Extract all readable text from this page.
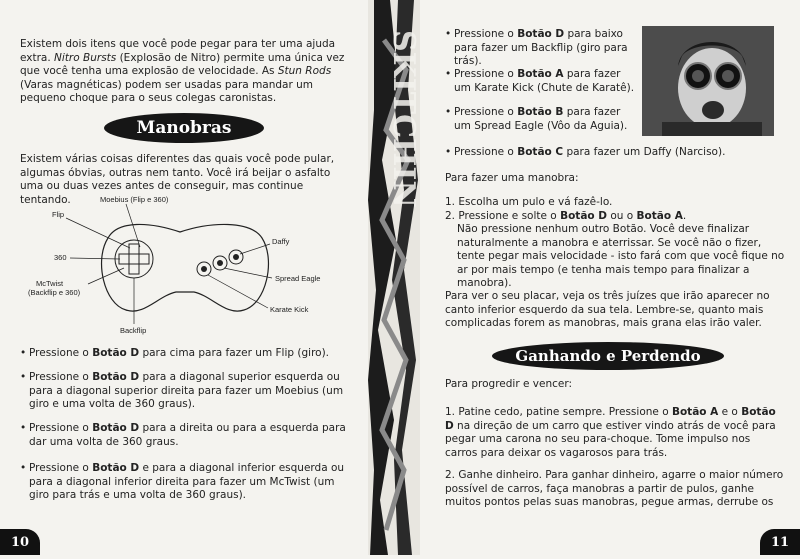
Existem dois itens que você pode pegar para ter uma ajuda extra. Nitro Bursts (Explosão de Nitro) permite uma única vez que você tenha uma explosão de velocidade. As Stun Rods (Varas magnéticas) podem ser usadas para mandar um pequeno choque para o seus colegas caronistas.

Manobras

Existem várias coisas diferentes das quais você pode pular, algumas óbvias, outras nem tanto. Você irá beijar o asfalto uma ou duas vezes antes de conseguir, mas continue tentando.	Moebius (Flip e 360)
Flip
360
McTwist
(Backflip e 360)
Backflip
Daffy
Spread Eagle
Karate Kick
• Pressione o Botão D para cima para fazer um Flip (giro).
• Pressione o Botão D para a diagonal superior esquerda ou para a diagonal superior direita para fazer um Moebius (um giro e uma volta de 360 graus).
• Pressione o Botão D para a direita ou para a esquerda para dar uma volta de 360 graus.
• Pressione o Botão D e para a diagonal inferior esquerda ou para a diagonal inferior direita para fazer um McTwist (um giro para trás e uma volta de 360 graus).
10
SKITCHIN • Pressione o Botão D para baixo para fazer um Backflip (giro para trás).
• Pressione o Botão A para fazer um Karate Kick (Chute de Karatê).
• Pressione o Botão B para fazer um Spread Eagle (Vôo da Aguia).
• Pressione o Botão C para fazer um Daffy (Narciso).

Para fazer uma manobra:

1. Escolha um pulo e vá fazê-lo.
2. Pressione e solte o Botão D ou o Botão A.
Não pressione nenhum outro Botão. Você deve finalizar naturalmente a manobra e aterrissar. Se você não o fizer, tente pegar mais velocidade - isto fará com que você fique no ar por mais tempo (e tenha mais tempo para finalizar a manobra).

Para ver o seu placar, veja os três juízes que irão aparecer no canto inferior esquerdo da sua tela. Lembre-se, quanto mais complicadas forem as manobras, mais grana elas irão valer.

Ganhando e Perdendo

Para progredir e vencer:

1. Patine cedo, patine sempre. Pressione o Botão A e o Botão D na direção de um carro que estiver vindo atrás de você para pegar uma carona no seu para-choque. Tome impulso nos carros para deixar os vagarosos para trás.

2. Ganhe dinheiro. Para ganhar dinheiro, agarre o maior número possível de carros, faça manobras a partir de pulos, ganhe muitos pontos pelas suas manobras, pegue armas, derrube os

11
